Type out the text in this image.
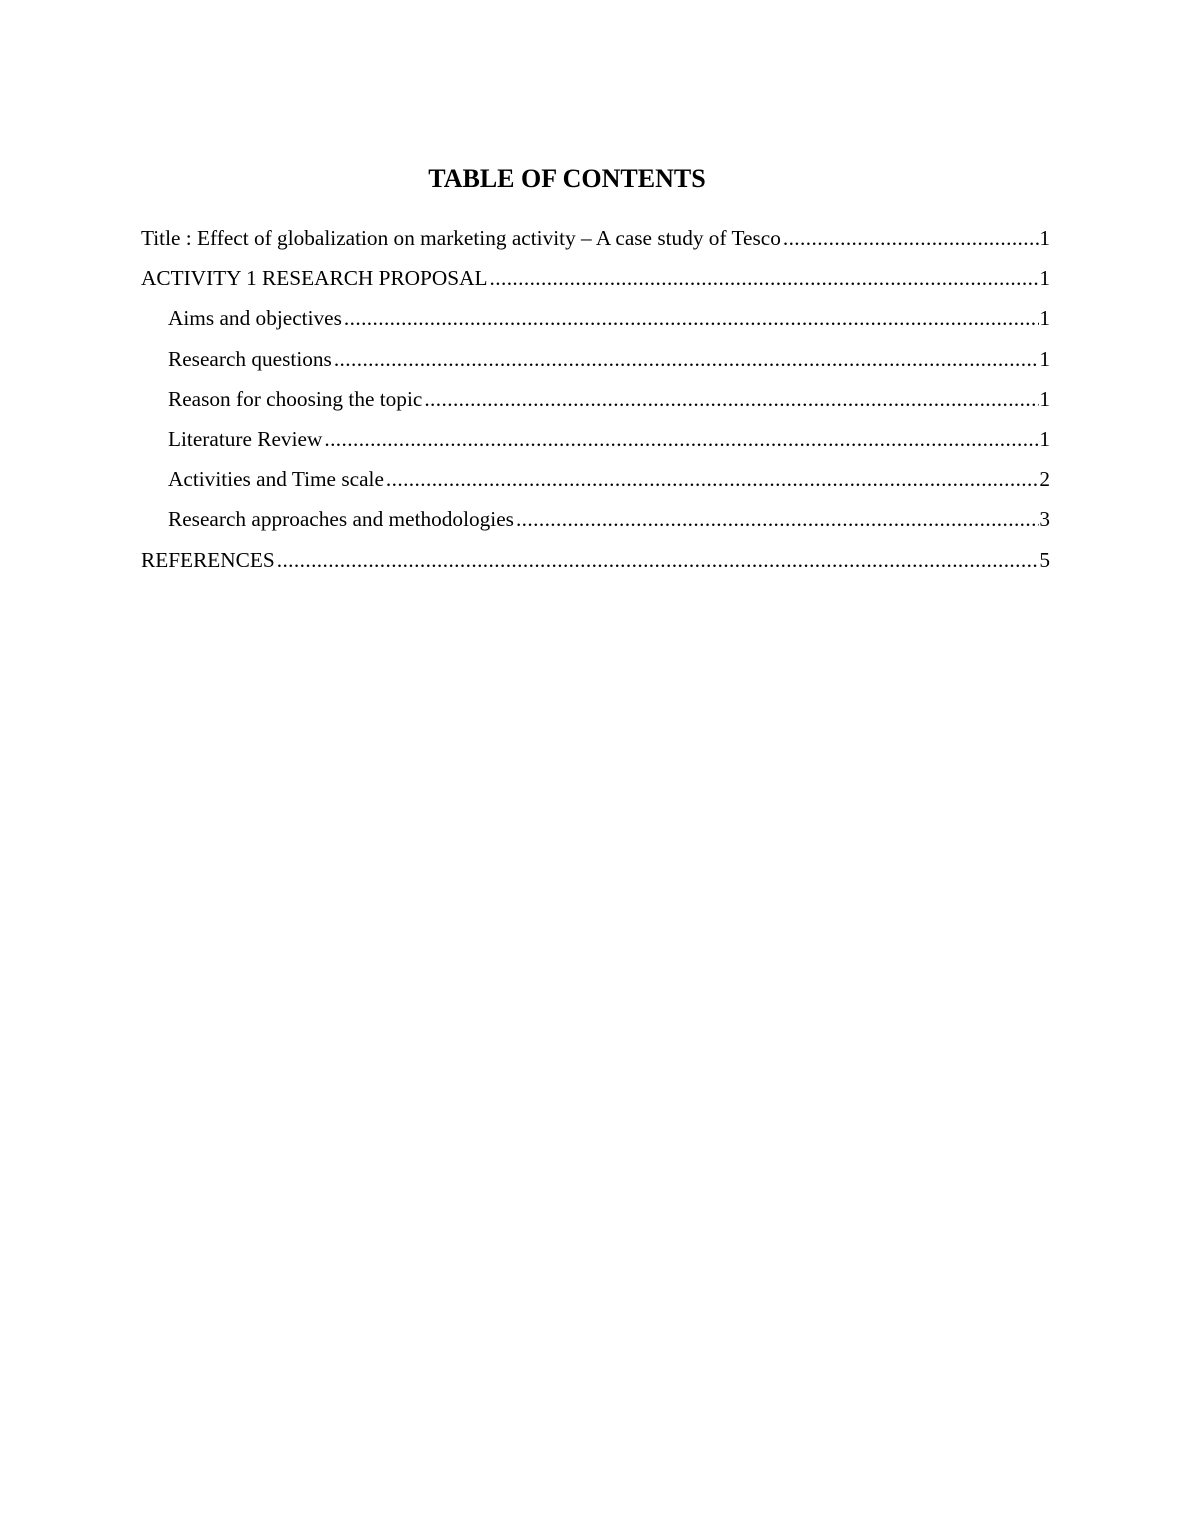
TABLE OF CONTENTS
Title : Effect of globalization on marketing activity – A case study of Tesco .....	1
ACTIVITY 1 RESEARCH PROPOSAL .....	1
Aims and objectives .....	1
Research questions .....	1
Reason for choosing the topic .....	1
Literature Review .....	1
Activities and Time scale .....	2
Research approaches and methodologies .....	3
REFERENCES .....	5
